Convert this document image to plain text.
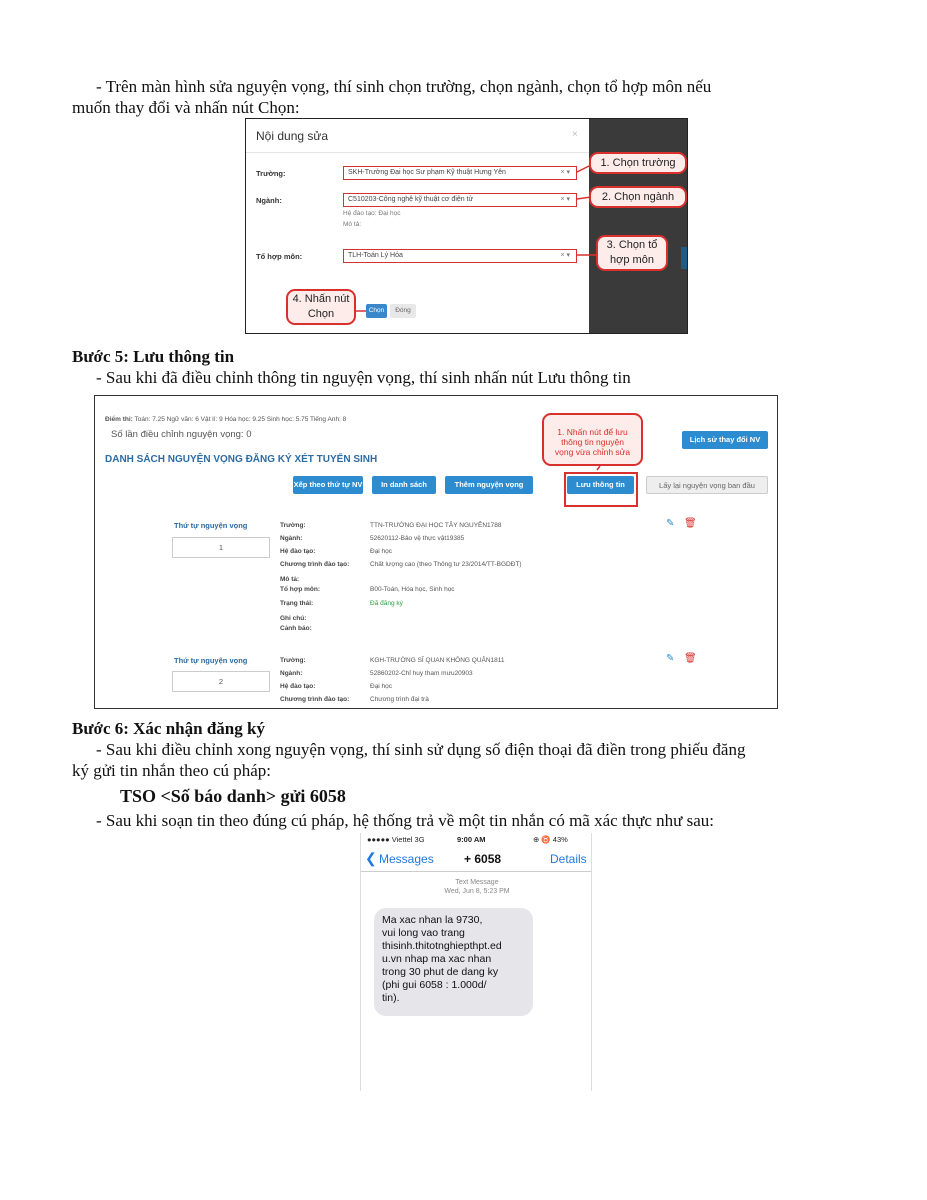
- Trên màn hình sửa nguyện vọng, thí sinh chọn trường, chọn ngành, chọn tổ hợp môn nếu
muốn thay đổi và nhấn nút Chọn:
Nội dung sửa	×
Trường:	SKH-Trường Đại học Sư phạm Kỹ thuật Hưng Yên	× ▾
Ngành:	C510203-Công nghệ kỹ thuật cơ điện tử	× ▾
Hệ đào tạo: Đại học
Mô tả:
Tổ hợp môn:	TLH-Toán Lý Hóa	× ▾
Chọn	Đóng
1. Chọn trường
2. Chọn ngành
3. Chọn tổ
hợp môn
4. Nhấn nút
Chọn
Bước 5: Lưu thông tin
- Sau khi đã điều chỉnh thông tin nguyện vọng, thí sinh nhấn nút Lưu thông tin
Điểm thi: Toán: 7.25 Ngữ văn: 6 Vật lí: 9 Hóa học: 9.25 Sinh học: 5.75 Tiếng Anh: 8
Số lần điều chỉnh nguyện vọng: 0
DANH SÁCH NGUYỆN VỌNG ĐĂNG KÝ XÉT TUYỂN SINH
Lịch sử thay đổi NV
Xếp theo thứ tự NV	In danh sách	Thêm nguyện vọng	Lưu thông tin	Lấy lại nguyện vọng ban đầu
1. Nhấn nút để lưu
thông tin nguyện
vọng vừa chỉnh sửa
Thứ tự nguyện vọng
1
Trường:	TTN-TRƯỜNG ĐẠI HỌC TÂY NGUYÊN1788
Ngành:	52620112-Bảo vệ thực vật19385
Hệ đào tạo:	Đại học
Chương trình đào tạo:	Chất lượng cao (theo Thông tư 23/2014/TT-BGDĐT)
Mô tả:
Tổ hợp môn:	B00-Toán, Hóa học, Sinh học
Trạng thái:	Đã đăng ký
Ghi chú:
Cảnh báo:
✎ 🗑
Thứ tự nguyện vọng
2
Trường:	KGH-TRƯỜNG SĨ QUAN KHÔNG QUÂN1811
Ngành:	52860202-Chỉ huy tham mưu20903
Hệ đào tạo:	Đại học
Chương trình đào tạo:	Chương trình đại trà
✎ 🗑
Bước 6: Xác nhận đăng ký
- Sau khi điều chỉnh xong nguyện vọng, thí sinh sử dụng số điện thoại đã điền trong phiếu đăng
ký gửi tin nhắn theo cú pháp:
TSO <Số báo danh> gửi 6058
- Sau khi soạn tin theo đúng cú pháp, hệ thống trả về một tin nhắn có mã xác thực như sau:
●●●●● Viettel 3G	9:00 AM	⊕ ♉ 43%
❮ Messages	+ 6058	Details
Text Message
Wed, Jun 8, 5:23 PM
Ma xac nhan la 9730,
vui long vao trang
thisinh.thitotnghiepthpt.ed
u.vn nhap ma xac nhan
trong 30 phut de dang ky
(phi gui 6058 : 1.000d/
tin).
